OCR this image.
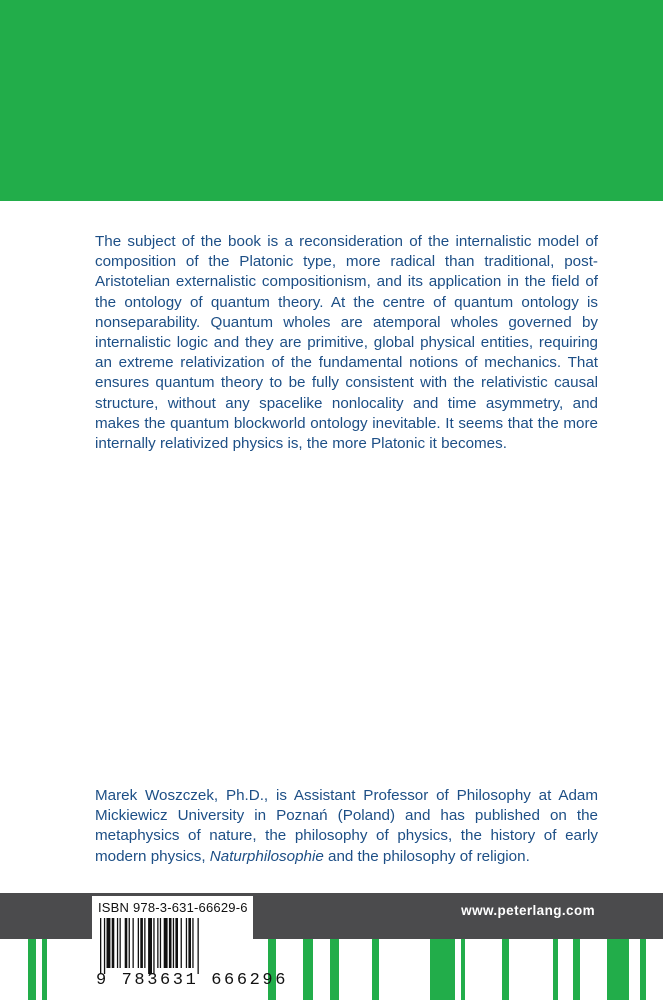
The subject of the book is a reconsideration of the internalistic model of composition of the Platonic type, more radical than traditional, post-Aristotelian externalistic compositionism, and its application in the field of the ontology of quantum theory. At the centre of quantum ontology is nonseparability. Quantum wholes are atemporal wholes governed by internalistic logic and they are primitive, global physical entities, requiring an extreme relativization of the fundamental notions of mechanics. That ensures quantum theory to be fully consistent with the relativistic causal structure, without any spacelike nonlocality and time asymmetry, and makes the quantum blockworld ontology inevitable. It seems that the more internally relativized physics is, the more Platonic it becomes.

Marek Woszczek, Ph.D., is Assistant Professor of Philosophy at Adam Mickiewicz University in Poznań (Poland) and has published on the metaphysics of nature, the philosophy of physics, the history of early modern physics, Naturphilosophie and the philosophy of religion.

www.peterlang.com
ISBN 978-3-631-66629-6
9 783631 666296
